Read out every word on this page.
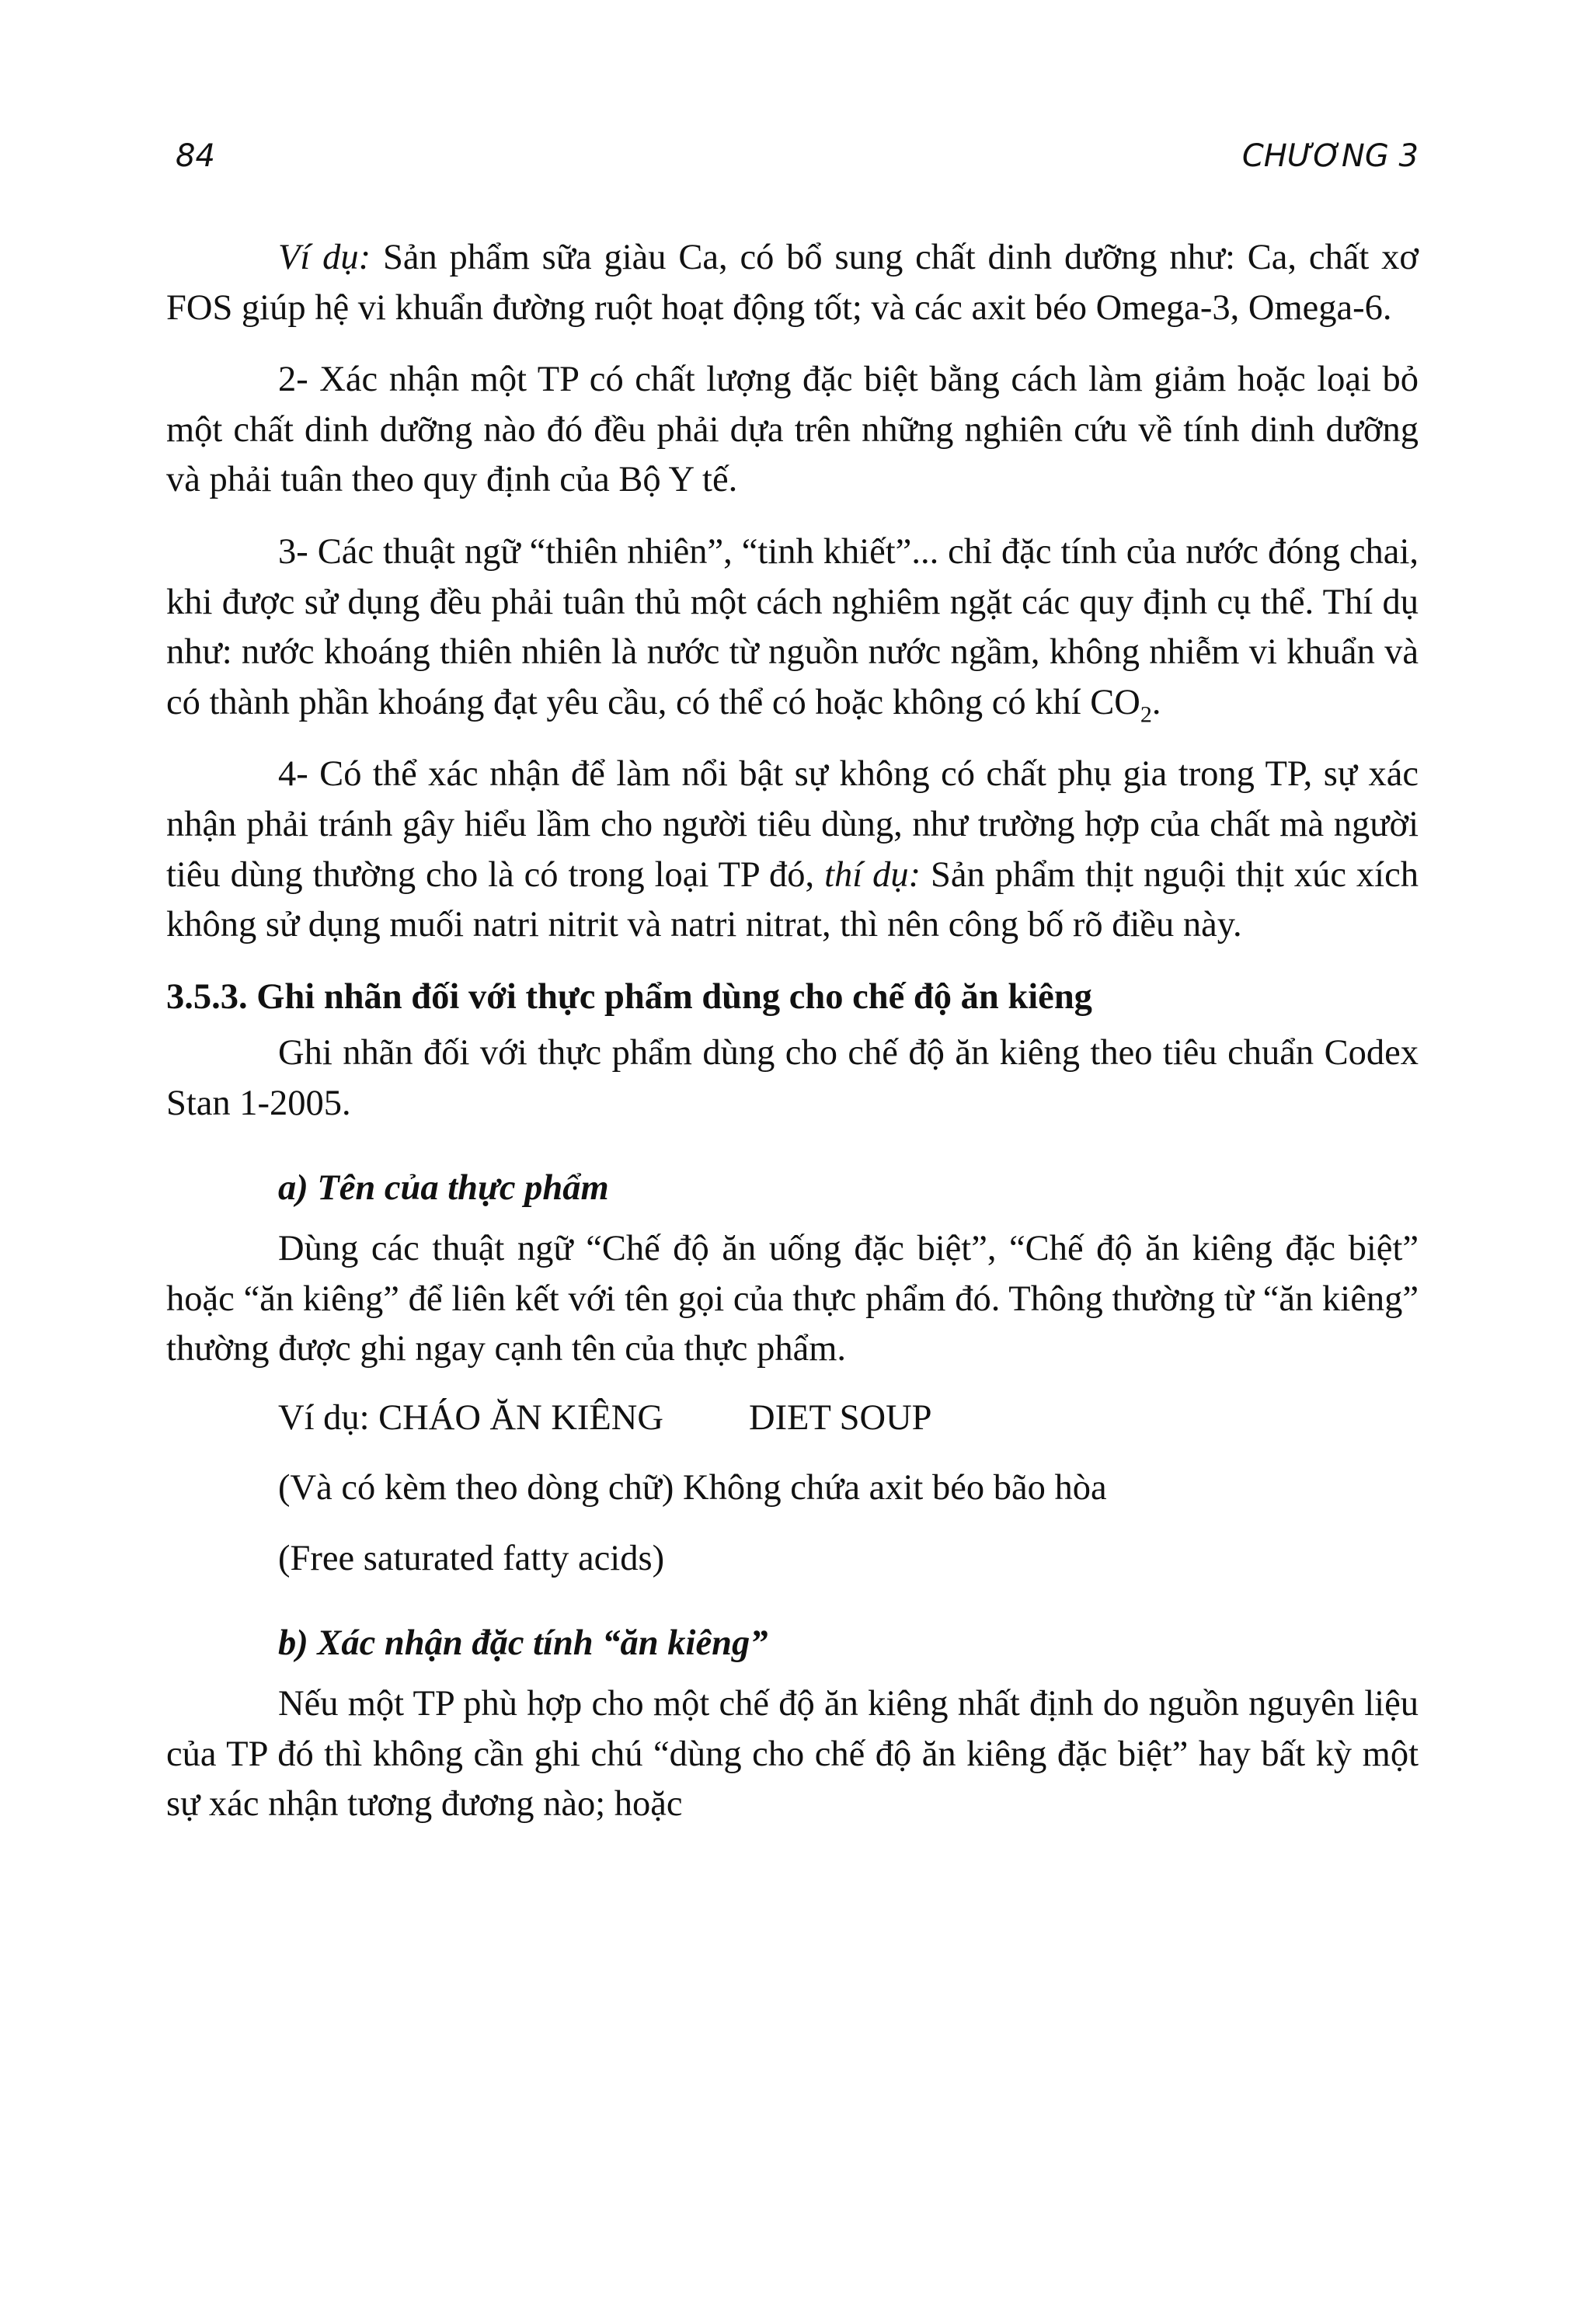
84	CHƯƠNG 3

Ví dụ: Sản phẩm sữa giàu Ca, có bổ sung chất dinh dưỡng như: Ca, chất xơ FOS giúp hệ vi khuẩn đường ruột hoạt động tốt; và các axit béo Omega-3, Omega-6.

2- Xác nhận một TP có chất lượng đặc biệt bằng cách làm giảm hoặc loại bỏ một chất dinh dưỡng nào đó đều phải dựa trên những nghiên cứu về tính dinh dưỡng và phải tuân theo quy định của Bộ Y tế.

3- Các thuật ngữ “thiên nhiên”, “tinh khiết”... chỉ đặc tính của nước đóng chai, khi được sử dụng đều phải tuân thủ một cách nghiêm ngặt các quy định cụ thể. Thí dụ như: nước khoáng thiên nhiên là nước từ nguồn nước ngầm, không nhiễm vi khuẩn và có thành phần khoáng đạt yêu cầu, có thể có hoặc không có khí $CO_2$.

4- Có thể xác nhận để làm nổi bật sự không có chất phụ gia trong TP, sự xác nhận phải tránh gây hiểu lầm cho người tiêu dùng, như trường hợp của chất mà người tiêu dùng thường cho là có trong loại TP đó, thí dụ: Sản phẩm thịt nguội thịt xúc xích không sử dụng muối natri nitrit và natri nitrat, thì nên công bố rõ điều này.

3.5.3. Ghi nhãn đối với thực phẩm dùng cho chế độ ăn kiêng

Ghi nhãn đối với thực phẩm dùng cho chế độ ăn kiêng theo tiêu chuẩn Codex Stan 1-2005.

a) Tên của thực phẩm

Dùng các thuật ngữ “Chế độ ăn uống đặc biệt”, “Chế độ ăn kiêng đặc biệt” hoặc “ăn kiêng” để liên kết với tên gọi của thực phẩm đó. Thông thường từ “ăn kiêng” thường được ghi ngay cạnh tên của thực phẩm.

Ví dụ: CHÁO ĂN KIÊNG DIET SOUP
(Và có kèm theo dòng chữ) Không chứa axit béo bão hòa
(Free saturated fatty acids)
b) Xác nhận đặc tính “ăn kiêng”

Nếu một TP phù hợp cho một chế độ ăn kiêng nhất định do nguồn nguyên liệu của TP đó thì không cần ghi chú “dùng cho chế độ ăn kiêng đặc biệt” hay bất kỳ một sự xác nhận tương đương nào; hoặc
